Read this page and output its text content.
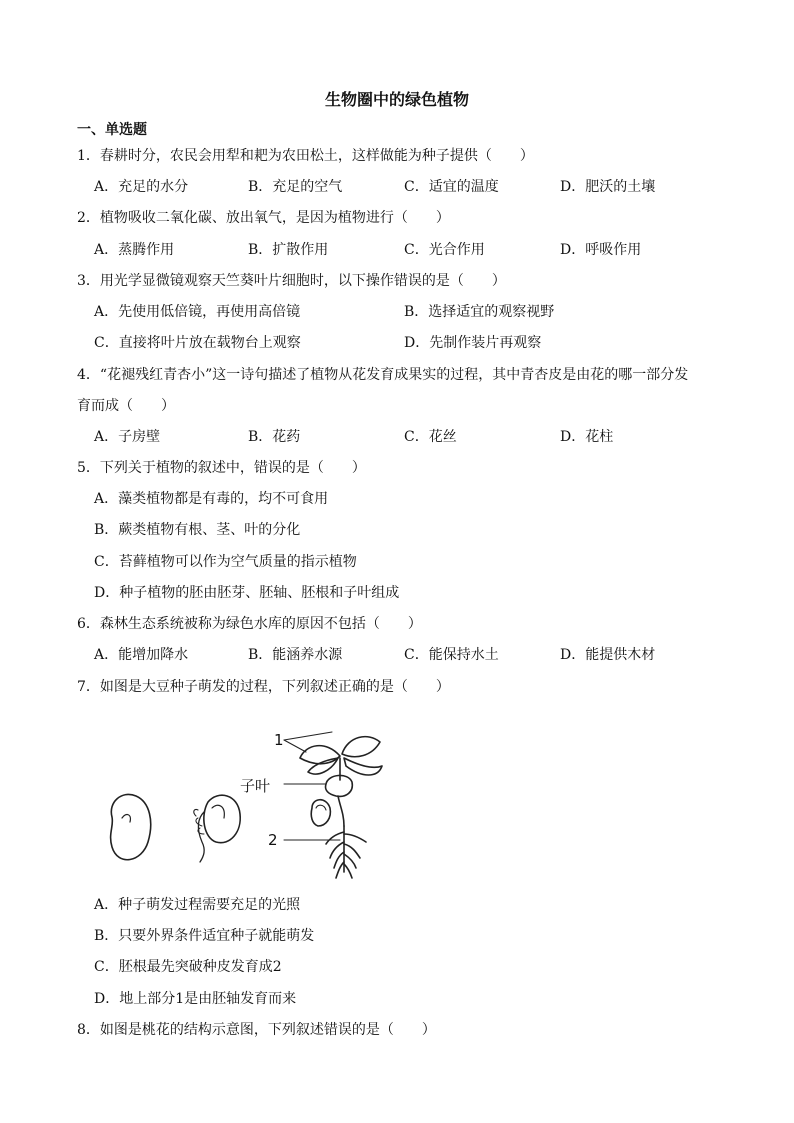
生物圈中的绿色植物
一、单选题
1．春耕时分，农民会用犁和耙为农田松土，这样做能为种子提供（　　）
A．充足的水分	B．充足的空气	C．适宜的温度	D．肥沃的土壤
2．植物吸收二氧化碳、放出氧气，是因为植物进行（　　）
A．蒸腾作用	B．扩散作用	C．光合作用	D．呼吸作用
3．用光学显微镜观察天竺葵叶片细胞时，以下操作错误的是（　　）
A．先使用低倍镜，再使用高倍镜	B．选择适宜的观察视野
C．直接将叶片放在载物台上观察	D．先制作装片再观察
4．“花褪残红青杏小”这一诗句描述了植物从花发育成果实的过程，其中青杏皮是由花的哪一部分发
育而成（　　）
A．子房壁	B．花药	C．花丝	D．花柱
5．下列关于植物的叙述中，错误的是（　　）
A．藻类植物都是有毒的，均不可食用
B．蕨类植物有根、茎、叶的分化
C．苔藓植物可以作为空气质量的指示植物
D．种子植物的胚由胚芽、胚轴、胚根和子叶组成
6．森林生态系统被称为绿色水库的原因不包括（　　）
A．能增加降水	B．能涵养水源	C．能保持水土	D．能提供木材
7．如图是大豆种子萌发的过程，下列叙述正确的是（　　）
1
子叶
2
A．种子萌发过程需要充足的光照
B．只要外界条件适宜种子就能萌发
C．胚根最先突破种皮发育成2
D．地上部分1是由胚轴发育而来
8．如图是桃花的结构示意图，下列叙述错误的是（　　）
